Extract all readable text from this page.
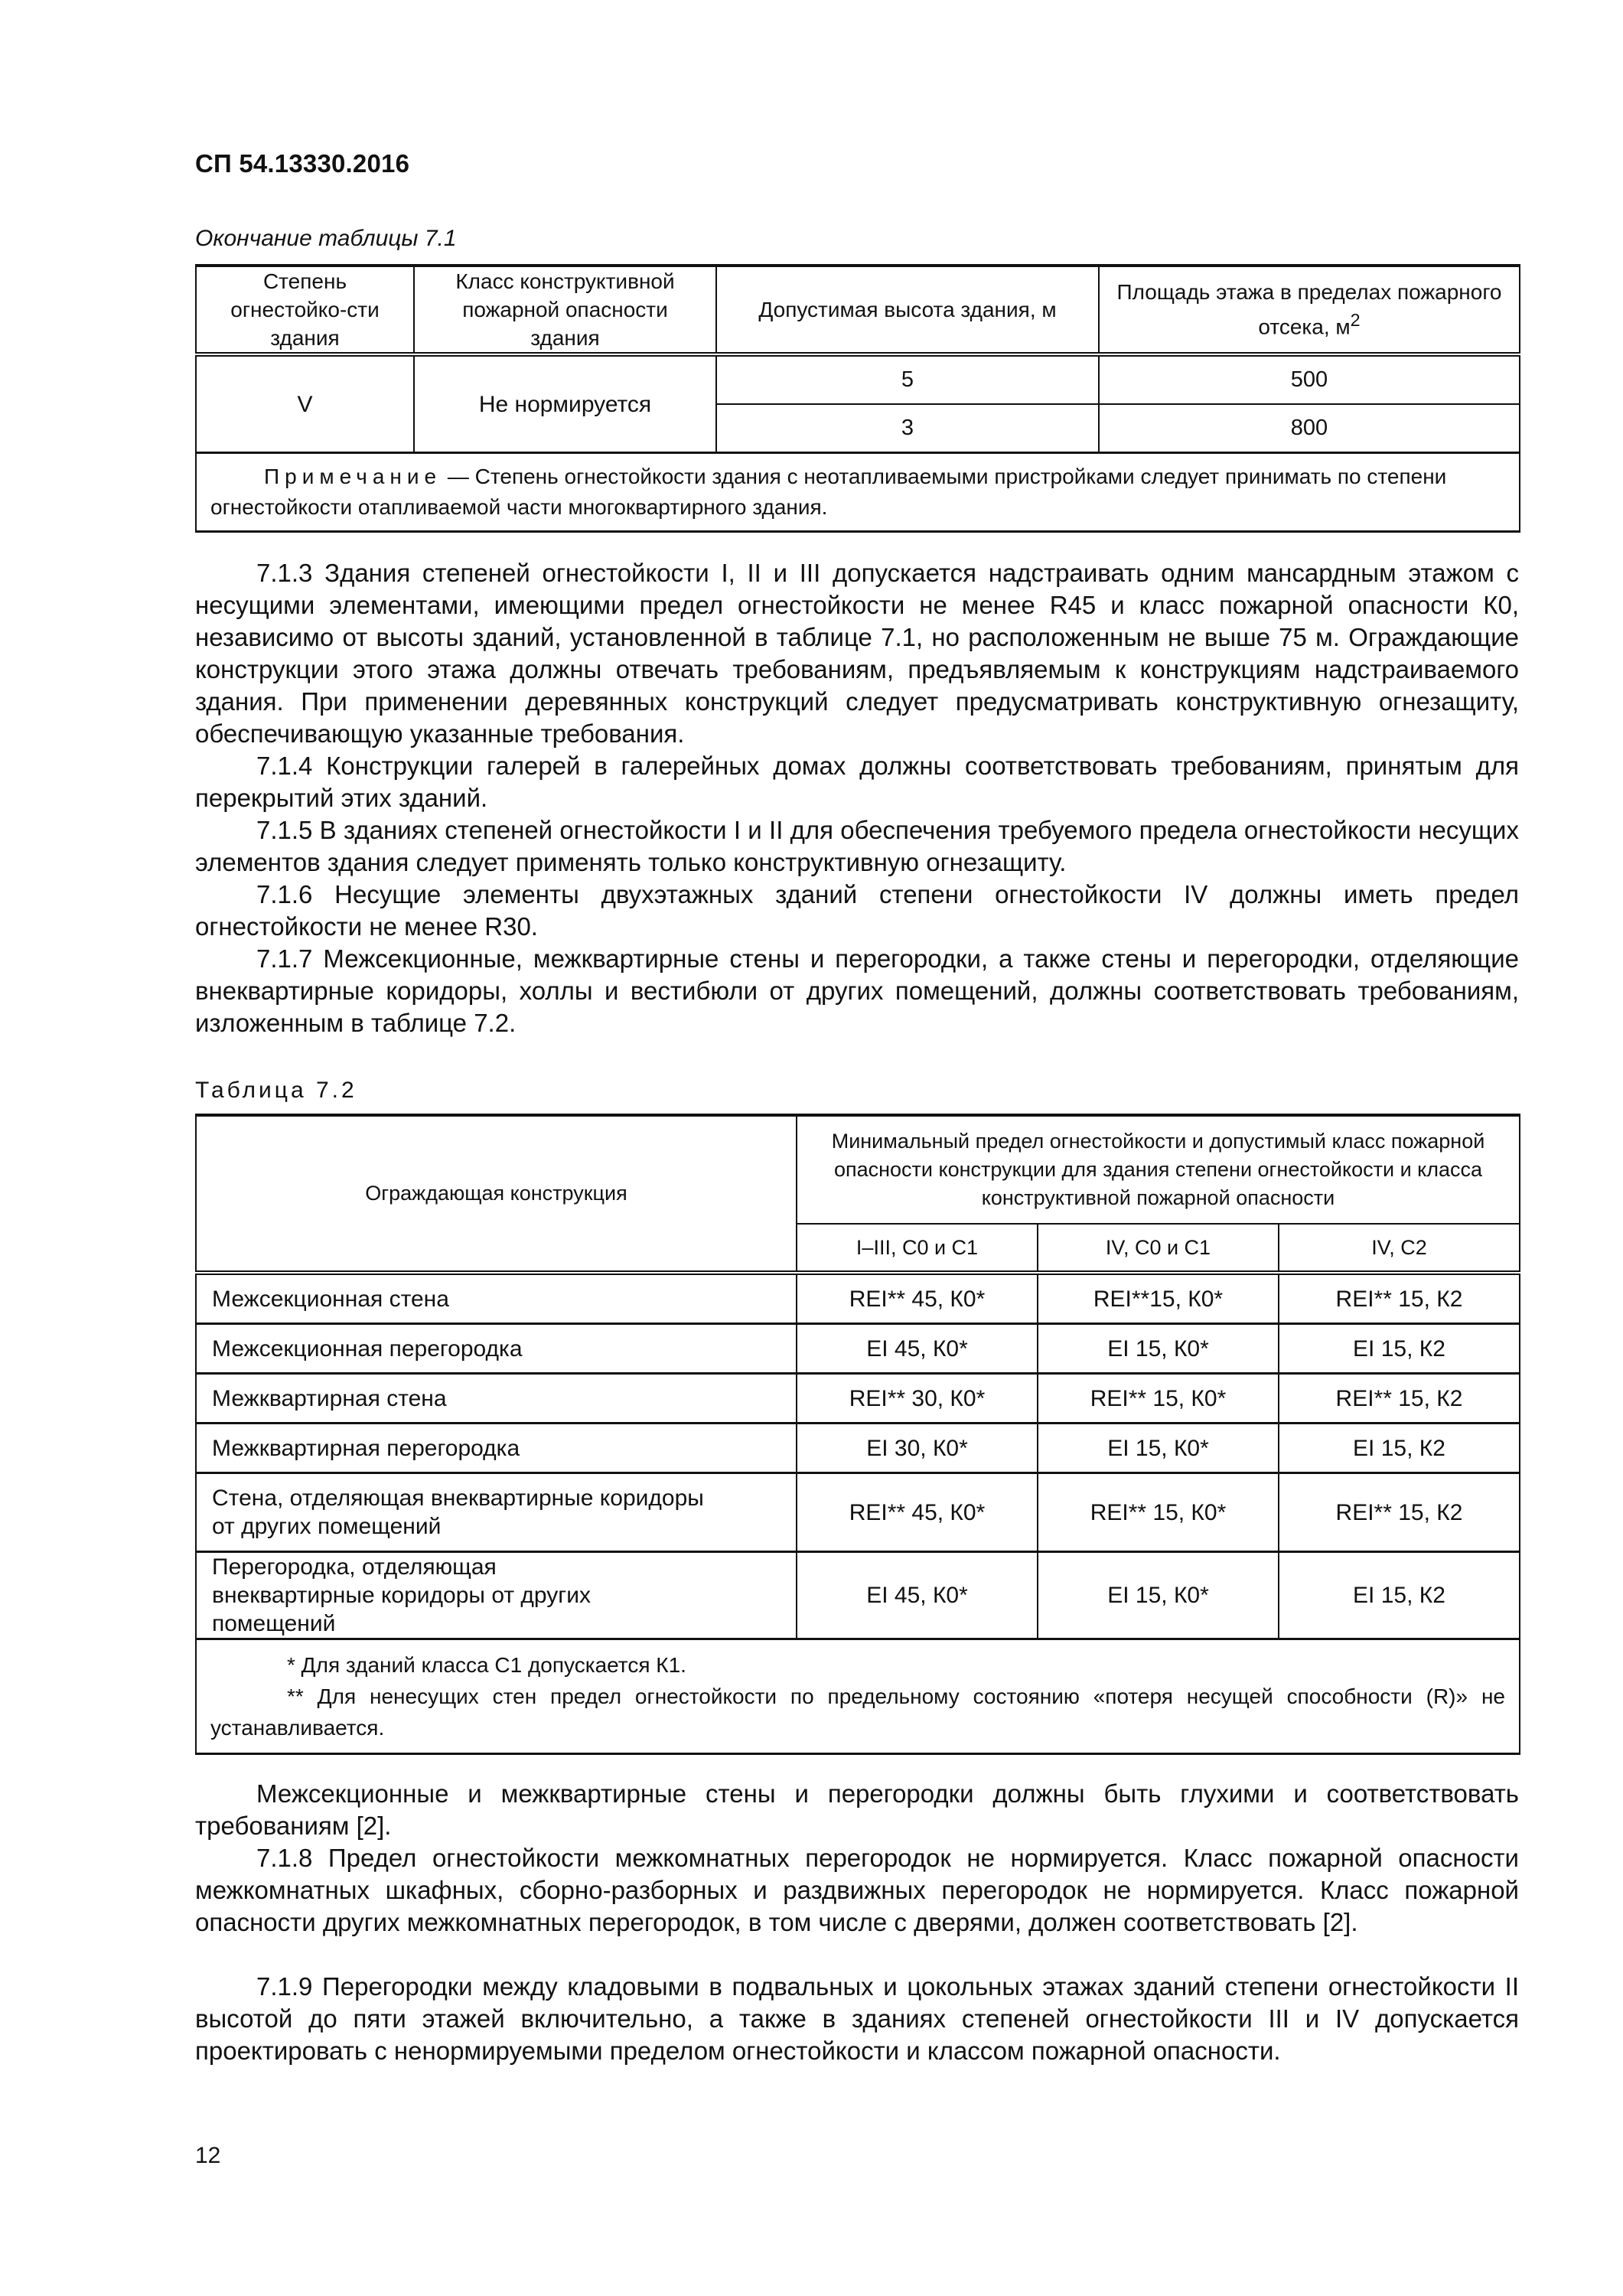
СП 54.13330.2016
Окончание таблицы 7.1
Степень огнестойко-сти здания	Класс конструктивной пожарной опасности здания	Допустимая высота здания, м	Площадь этажа в пределах пожарного отсека, $м^2$
V	Не нормируется	5	500
		3	800
Примечание — Степень огнестойкости здания с неотапливаемыми пристройками следует принимать по степени огнестойкости отапливаемой части многоквартирного здания.			

7.1.3 Здания степеней огнестойкости I, II и III допускается надстраивать одним мансардным этажом с несущими элементами, имеющими предел огнестойкости не менее R45 и класс пожарной опасности К0, независимо от высоты зданий, установленной в таблице 7.1, но расположенным не выше 75 м. Ограждающие конструкции этого этажа должны отвечать требованиям, предъявляемым к конструкциям надстраиваемого здания. При применении деревянных конструкций следует предусматривать конструктивную огнезащиту, обеспечивающую указанные требования.

7.1.4 Конструкции галерей в галерейных домах должны соответствовать требованиям, принятым для перекрытий этих зданий.

7.1.5 В зданиях степеней огнестойкости I и II для обеспечения требуемого предела огнестойкости несущих элементов здания следует применять только конструктивную огнезащиту.

7.1.6 Несущие элементы двухэтажных зданий степени огнестойкости IV должны иметь предел огнестойкости не менее R30.

7.1.7 Межсекционные, межквартирные стены и перегородки, а также стены и перегородки, отделяющие внеквартирные коридоры, холлы и вестибюли от других помещений, должны соответствовать требованиям, изложенным в таблице 7.2.

Таблица 7.2
Ограждающая конструкция	Минимальный предел огнестойкости и допустимый класс пожарной опасности конструкции для здания степени огнестойкости и класса конструктивной пожарной опасности		
	I–III, С0 и С1	IV, С0 и С1	IV, С2
Межсекционная стена	REI** 45, К0*	REI**15, К0*	REI** 15, К2
Межсекционная перегородка	EI 45, К0*	EI 15, К0*	EI 15, К2
Межквартирная стена	REI** 30, К0*	REI** 15, К0*	REI** 15, К2
Межквартирная перегородка	EI 30, К0*	EI 15, К0*	EI 15, К2
Стена, отделяющая внеквартирные коридоры от других помещений	REI** 45, К0*	REI** 15, К0*	REI** 15, К2
Перегородка, отделяющая внеквартирные коридоры от других помещений	EI 45, К0*	EI 15, К0*	EI 15, К2

* Для зданий класса С1 допускается К1.
** Для ненесущих стен предел огнестойкости по предельному состоянию «потеря несущей способности (R)» не устанавливается.			

Межсекционные и межквартирные стены и перегородки должны быть глухими и соответствовать требованиям [2].

7.1.8 Предел огнестойкости межкомнатных перегородок не нормируется. Класс пожарной опасности межкомнатных шкафных, сборно-разборных и раздвижных перегородок не нормируется. Класс пожарной опасности других межкомнатных перегородок, в том числе с дверями, должен соответствовать [2].

7.1.9 Перегородки между кладовыми в подвальных и цокольных этажах зданий степени огнестойкости II высотой до пяти этажей включительно, а также в зданиях степеней огнестойкости III и IV допускается проектировать с ненормируемыми пределом огнестойкости и классом пожарной опасности.

12
